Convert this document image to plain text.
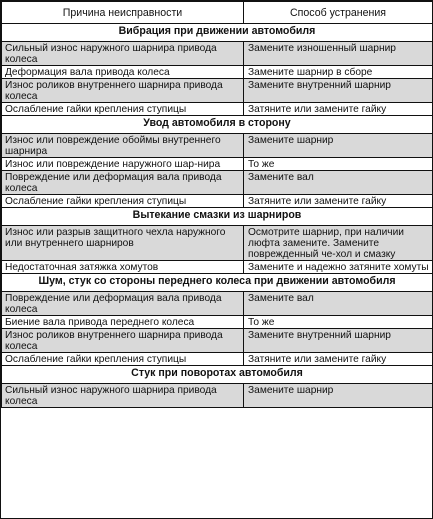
Причина неисправности	Способ устранения
Вибрация при движении автомобиля	
Сильный износ наружного шарнира привода колеса	Замените изношенный шарнир
Деформация вала привода колеса	Замените шарнир в сборе
Износ роликов внутреннего шарнира привода колеса	Замените внутренний шарнир
Ослабление гайки крепления ступицы	Затяните или замените гайку
Увод автомобиля в сторону	
Износ или повреждение обоймы внутреннего шарнира	Замените шарнир
Износ или повреждение наружного шар-нира	То же
Повреждение или деформация вала привода колеса	Замените вал
Ослабление гайки крепления ступицы	Затяните или замените гайку
Вытекание смазки из шарниров	
Износ или разрыв защитного чехла наружного или внутреннего шарниров	Осмотрите шарнир, при наличии люфта замените. Замените поврежденный че-хол и смазку
Недостаточная затяжка хомутов	Замените и надежно затяните хомуты
Шум, стук со стороны переднего колеса при движении автомобиля	
Повреждение или деформация вала привода колеса	Замените вал
Биение вала привода переднего колеса	То же
Износ роликов внутреннего шарнира привода колеса	Замените внутренний шарнир
Ослабление гайки крепления ступицы	Затяните или замените гайку
Стук при поворотах автомобиля	
Сильный износ наружного шарнира привода колеса	Замените шарнир
